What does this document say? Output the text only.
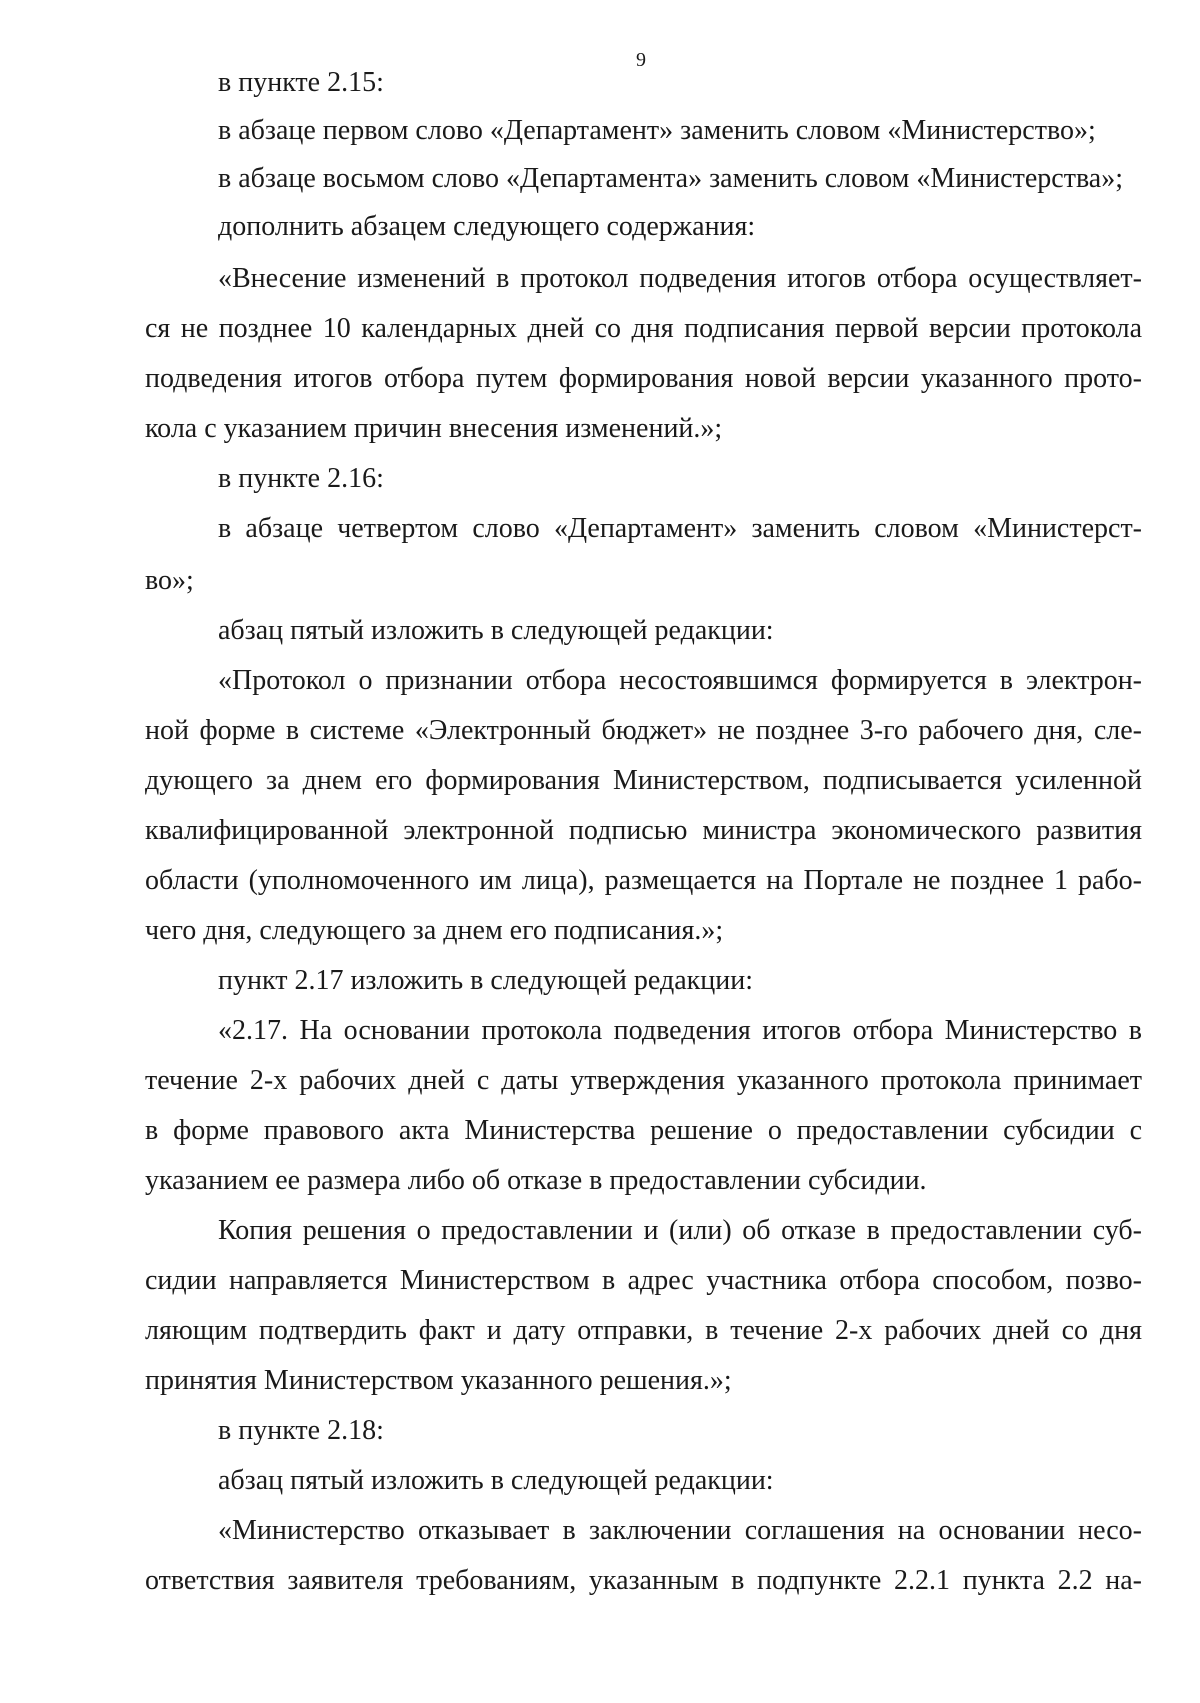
9

в пункте 2.15:

в абзаце первом слово «Департамент» заменить словом «Министерство»;

в абзаце восьмом слово «Департамента» заменить словом «Министерства»;

дополнить абзацем следующего содержания:

«Внесение изменений в протокол подведения итогов отбора осуществляет-

ся не позднее 10 календарных дней со дня подписания первой версии протокола

подведения итогов отбора путем формирования новой версии указанного прото-

кола с указанием причин внесения изменений.»;

в пункте 2.16:

в абзаце четвертом слово «Департамент» заменить словом «Министерст-

во»;

абзац пятый изложить в следующей редакции:

«Протокол о признании отбора несостоявшимся формируется в электрон-

ной форме в системе «Электронный бюджет» не позднее 3-го рабочего дня, сле-

дующего за днем его формирования Министерством, подписывается усиленной

квалифицированной электронной подписью министра экономического развития

области (уполномоченного им лица), размещается на Портале не позднее 1 рабо-

чего дня, следующего за днем его подписания.»;

пункт 2.17 изложить в следующей редакции:

«2.17. На основании протокола подведения итогов отбора Министерство в

течение 2-х рабочих дней с даты утверждения указанного протокола принимает

в форме правового акта Министерства решение о предоставлении субсидии с

указанием ее размера либо об отказе в предоставлении субсидии.

Копия решения о предоставлении и (или) об отказе в предоставлении суб-

сидии направляется Министерством в адрес участника отбора способом, позво-

ляющим подтвердить факт и дату отправки, в течение 2-х рабочих дней со дня

принятия Министерством указанного решения.»;

в пункте 2.18:

абзац пятый изложить в следующей редакции:

«Министерство отказывает в заключении соглашения на основании несо-

ответствия заявителя требованиям, указанным в подпункте 2.2.1 пункта 2.2 на-
